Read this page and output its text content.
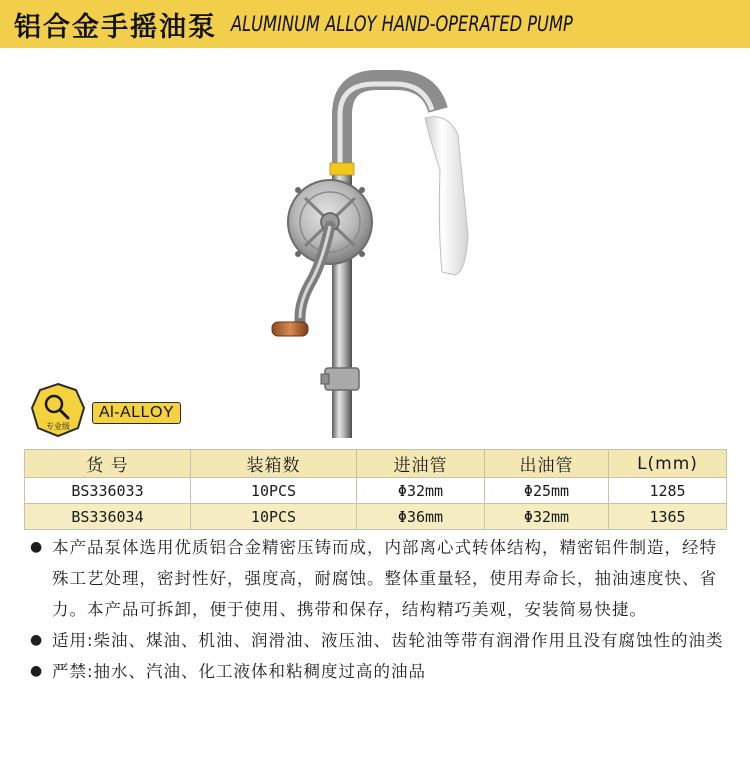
铝合金手摇油泵 ALUMINUM ALLOY HAND-OPERATED PUMP
专业级
Al-ALLOY
货 号	装箱数	进油管	出油管	L(mm)
BS336033	10PCS	Φ32mm	Φ25mm	1285
BS336034	10PCS	Φ36mm	Φ32mm	1365
● 本产品泵体选用优质铝合金精密压铸而成，内部离心式转体结构，精密铝件制造，经特殊工艺处理，密封性好，强度高，耐腐蚀。整体重量轻，使用寿命长，抽油速度快、省力。本产品可拆卸，便于使用、携带和保存，结构精巧美观，安装简易快捷。
● 适用:柴油、煤油、机油、润滑油、液压油、齿轮油等带有润滑作用且没有腐蚀性的油类
● 严禁:抽水、汽油、化工液体和粘稠度过高的油品
